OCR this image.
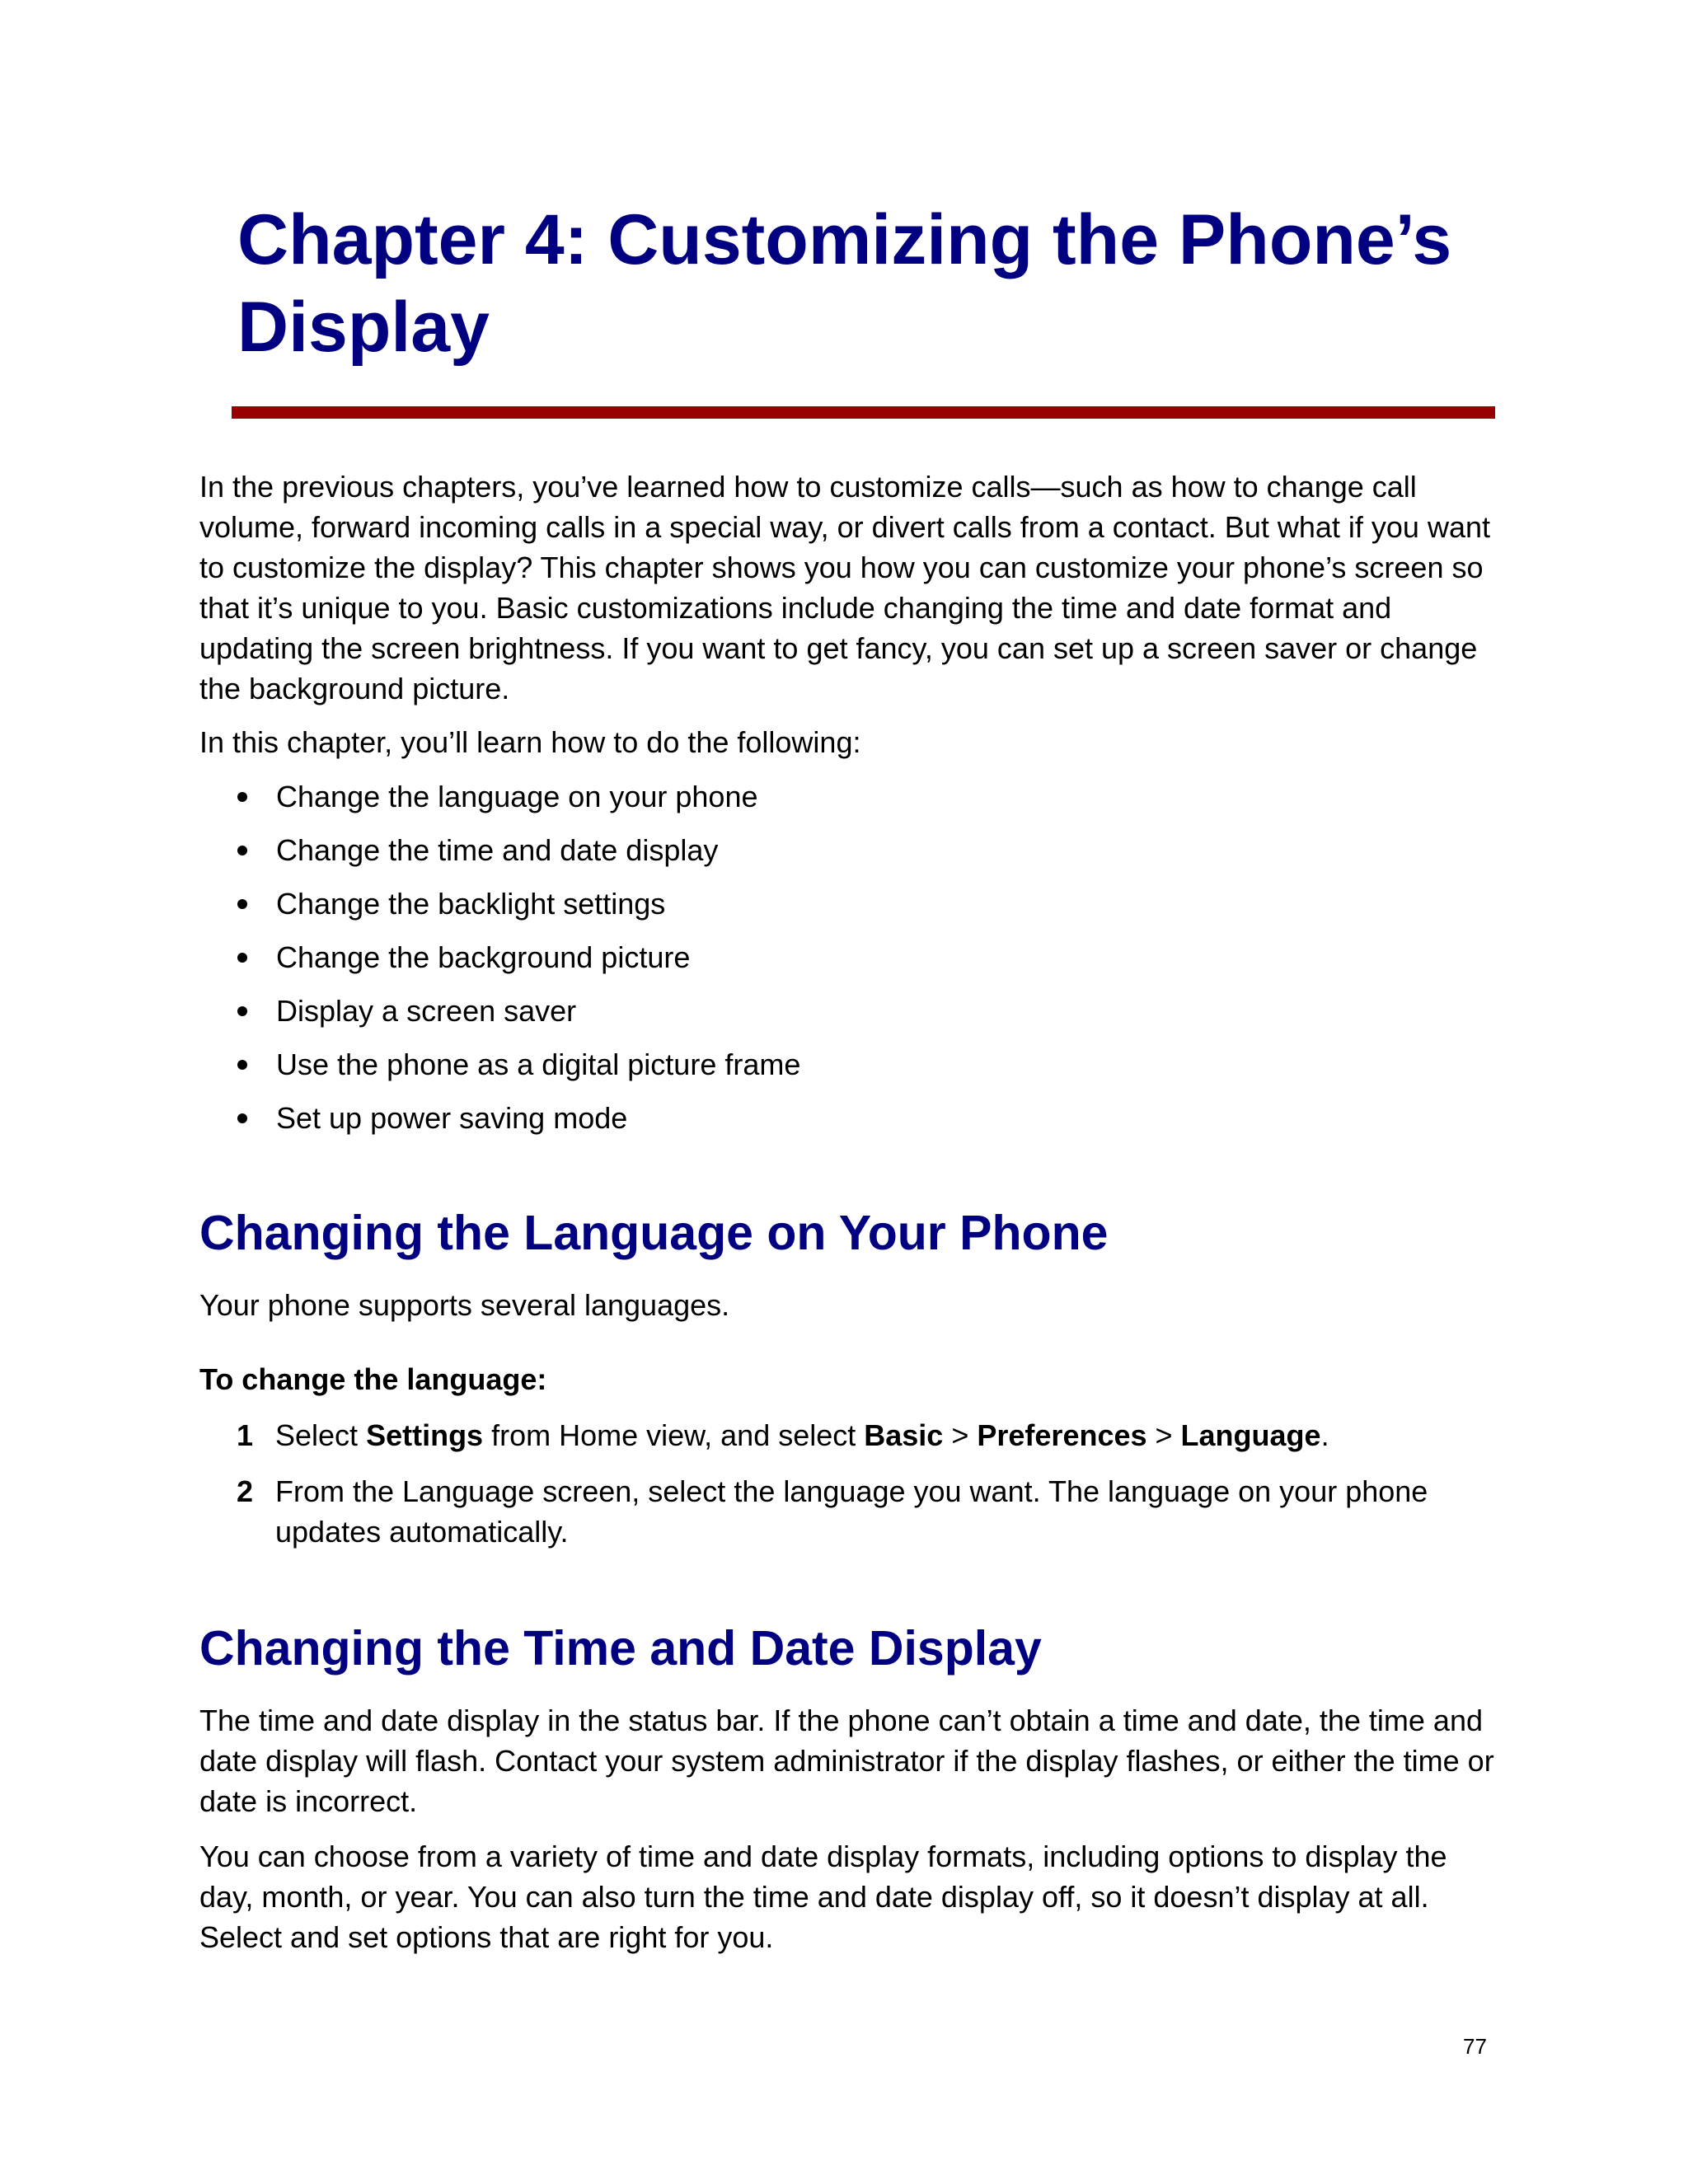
Chapter 4: Customizing the Phone’s
Display

In the previous chapters, you’ve learned how to customize calls—such as how to change call volume, forward incoming calls in a special way, or divert calls from a contact. But what if you want to customize the display? This chapter shows you how you can customize your phone’s screen so that it’s unique to you. Basic customizations include changing the time and date format and updating the screen brightness. If you want to get fancy, you can set up a screen saver or change the background picture.

In this chapter, you’ll learn how to do the following:

Change the language on your phone
Change the time and date display
Change the backlight settings
Change the background picture
Display a screen saver
Use the phone as a digital picture frame
Set up power saving mode
Changing the Language on Your Phone

Your phone supports several languages.

To change the language:

1 Select Settings from Home view, and select Basic > Preferences > Language.
2 From the Language screen, select the language you want. The language on your phone updates automatically.
Changing the Time and Date Display

The time and date display in the status bar. If the phone can’t obtain a time and date, the time and date display will flash. Contact your system administrator if the display flashes, or either the time or date is incorrect.

You can choose from a variety of time and date display formats, including options to display the day, month, or year. You can also turn the time and date display off, so it doesn’t display at all. Select and set options that are right for you.

77
